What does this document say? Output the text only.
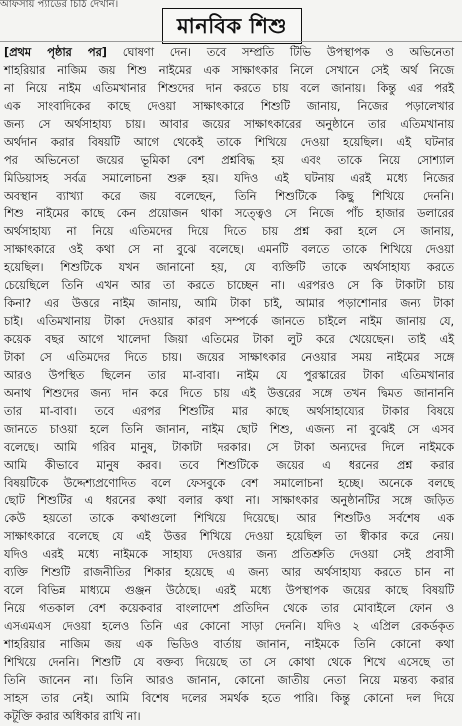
আফসায় প্যাডের চিঠি দেখান।
মানবিক শিশু
[প্রথম পৃষ্ঠার পর] ঘোষণা দেন। তবে সম্প্রতি টিভি উপস্থাপক ও অভিনেতা
শাহরিয়ার নাজিম জয় শিশু নাইমের এক সাক্ষাৎকার নিলে সেখানে সেই অর্থ নিজে
না নিয়ে নাইম এতিমখানার শিশুদের দান করতে চায় বলে জানায়। কিন্তু এর পরই
এক সাংবাদিকের কাছে দেওয়া সাক্ষাৎকারে শিশুটি জানায়, নিজের পড়ালেখার
জন্য সে অর্থসাহায্য চায়। আবার জয়ের সাক্ষাৎকারের অনুষ্ঠানে তার এতিমখানায়
অর্থদান করার বিষয়টি আগে থেকেই তাকে শিখিয়ে দেওয়া হয়েছিল। এই ঘটনার
পর অভিনেতা জয়ের ভূমিকা বেশ প্রশ্নবিদ্ধ হয় এবং তাকে নিয়ে সোশ্যাল
মিডিয়াসহ সর্বত্র সমালোচনা শুরু হয়। যদিও এই ঘটনায় এরই মধ্যে নিজের
অবস্থান ব্যাখ্যা করে জয় বলেছেন, তিনি শিশুটিকে কিছু শিখিয়ে দেননি।
শিশু নাইমের কাছে কেন প্রয়োজন থাকা সত্ত্বেও সে নিজে পাঁচ হাজার ডলারের
অর্থসাহায্য না নিয়ে এতিমদের দিয়ে দিতে চায় প্রশ্ন করা হলে সে জানায়,
সাক্ষাৎকারে ওই কথা সে না বুঝে বলেছে। এমনটি বলতে তাকে শিখিয়ে দেওয়া
হয়েছিল। শিশুটিকে যখন জানানো হয়, যে ব্যক্তিটি তাকে অর্থসাহায্য করতে
চেয়েছিলে তিনি এখন আর তা করতে চাচ্ছেন না। এরপরও সে কি টাকাটা চায়
কিনা? এর উত্তরে নাইম জানায়, আমি টাকা চাই, আমার পড়াশোনার জন্য টাকা
চাই। এতিমখানায় টাকা দেওয়ার কারণ সম্পর্কে জানতে চাইলে নাইম জানায় যে,
কয়েক বছর আগে খালেদা জিয়া এতিমের টাকা লুট করে খেয়েছেন। তাই এই
টাকা সে এতিমদের দিতে চায়। জয়ের সাক্ষাৎকার নেওয়ার সময় নাইমের সঙ্গে
আরও উপস্থিত ছিলেন তার মা-বাবা। নাইম যে পুরস্কারের টাকা এতিমখানার
অনাথ শিশুদের জন্য দান করে দিতে চায় এই উত্তরের সঙ্গে তখন দ্বিমত জানাননি
তার মা-বাবা। তবে এরপর শিশুটির মার কাছে অর্থসাহায্যের টাকার বিষয়ে
জানতে চাওয়া হলে তিনি জানান, নাইম ছোট শিশু, এজন্য না বুঝেই সে এসব
বলেছে। আমি গরিব মানুষ, টাকাটা দরকার। সে টাকা অন্যদের দিলে নাইমকে
আমি কীভাবে মানুষ করব। তবে শিশুটিকে জয়ের এ ধরনের প্রশ্ন করার
বিষয়টিকে উদ্দেশ্যপ্রণোদিত বলে ফেসবুকে বেশ সমালোচনা হচ্ছে। অনেকে বলছে
ছোট শিশুটির এ ধরনের কথা বলার কথা না। সাক্ষাৎকার অনুষ্ঠানটির সঙ্গে জড়িত
কেউ হয়তো তাকে কথাগুলো শিখিয়ে দিয়েছে। আর শিশুটিও সর্বশেষ এক
সাক্ষাৎকারে বলেছে যে এই উত্তর শিখিয়ে দেওয়া হয়েছিল তা স্বীকার করে নেয়।
যদিও এরই মধ্যে নাইমকে সাহায্য দেওয়ার জন্য প্রতিশ্রুতি দেওয়া সেই প্রবাসী
ব্যক্তি শিশুটি রাজনীতির শিকার হয়েছে এ জন্য আর অর্থসাহায্য করতে চান না
বলে বিভিন্ন মাধ্যমে গুঞ্জন উঠেছে। এরই মধ্যে উপস্থাপক জয়ের কাছে বিষয়টি
নিয়ে গতকাল বেশ কয়েকবার বাংলাদেশ প্রতিদিন থেকে তার মোবাইলে ফোন ও
এসএমএস দেওয়া হলেও তিনি এর কোনো সাড়া দেননি। যদিও ২ এপ্রিল রেকর্ডকৃত
শাহরিয়ার নাজিম জয় এক ভিডিও বার্তায় জানান, নাইমকে তিনি কোনো কথা
শিখিয়ে দেননি। শিশুটি যে বক্তব্য দিয়েছে তা সে কোথা থেকে শিখে এসেছে তা
তিনি জানেন না। তিনি আরও জানান, কোনো জাতীয় নেতা নিয়ে মন্তব্য করার
সাহস তার নেই। আমি বিশেষ দলের সমর্থক হতে পারি। কিন্তু কোনো দল দিয়ে
কটূক্তি করার অধিকার রাখি না।
